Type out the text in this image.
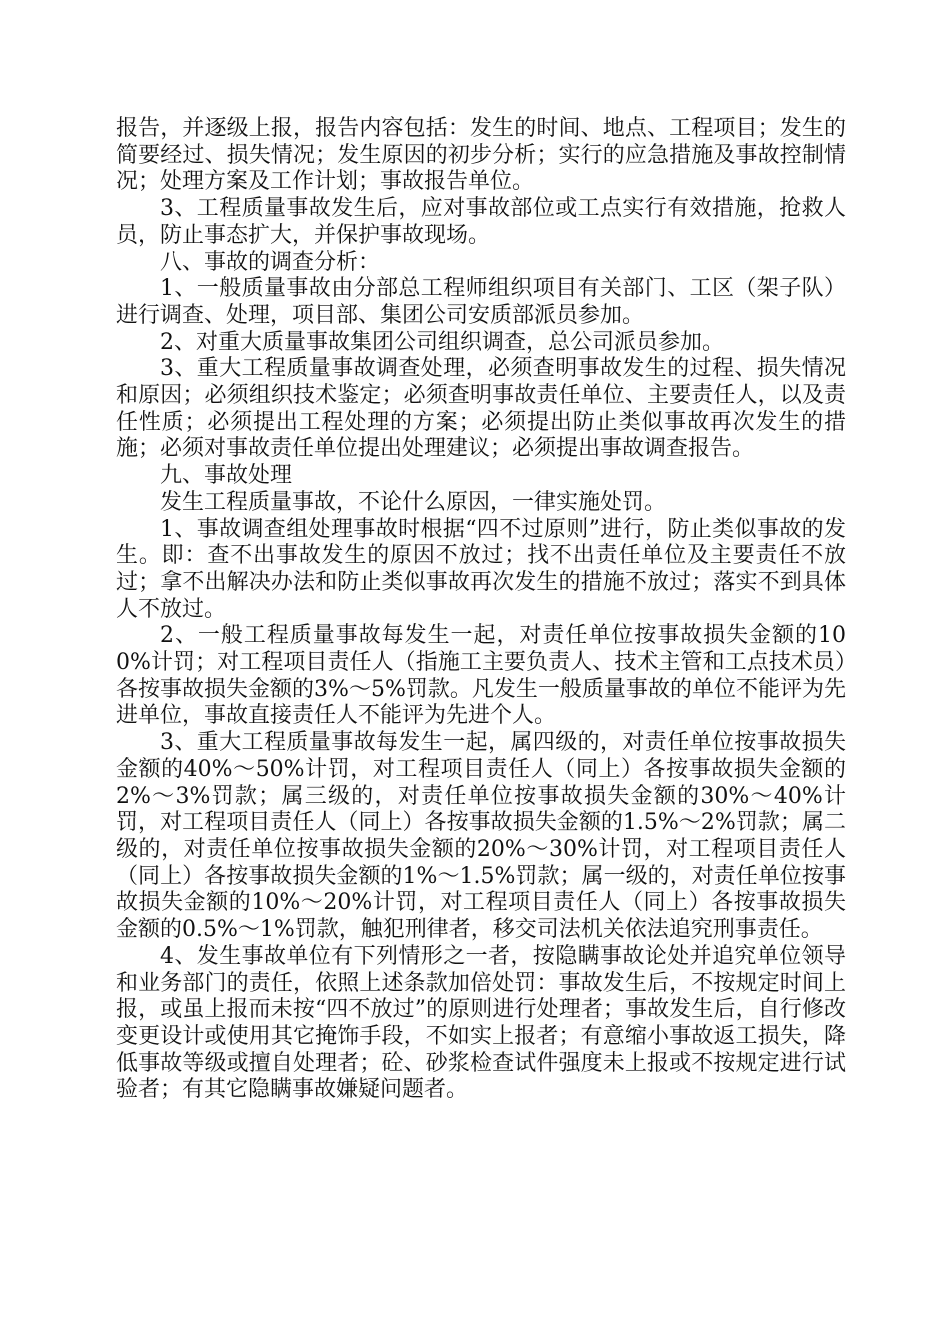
报告，并逐级上报，报告内容包括：发生的时间、地点、工程项目；发生的简要经过、损失情况；发生原因的初步分析；实行的应急措施及事故控制情况；处理方案及工作计划；事故报告单位。

3、工程质量事故发生后，应对事故部位或工点实行有效措施，抢救人员，防止事态扩大，并保护事故现场。

八、事故的调查分析：

1、一般质量事故由分部总工程师组织项目有关部门、工区（架子队）进行调查、处理，项目部、集团公司安质部派员参加。

2、对重大质量事故集团公司组织调查，总公司派员参加。

3、重大工程质量事故调查处理，必须查明事故发生的过程、损失情况和原因；必须组织技术鉴定；必须查明事故责任单位、主要责任人，以及责任性质；必须提出工程处理的方案；必须提出防止类似事故再次发生的措施；必须对事故责任单位提出处理建议；必须提出事故调查报告。

九、事故处理

发生工程质量事故，不论什么原因，一律实施处罚。

1、事故调查组处理事故时根据“四不过原则”进行，防止类似事故的发生。即：查不出事故发生的原因不放过；找不出责任单位及主要责任不放过；拿不出解决办法和防止类似事故再次发生的措施不放过；落实不到具体人不放过。

2、一般工程质量事故每发生一起，对责任单位按事故损失金额的100%计罚；对工程项目责任人（指施工主要负责人、技术主管和工点技术员）各按事故损失金额的3%～5%罚款。凡发生一般质量事故的单位不能评为先进单位，事故直接责任人不能评为先进个人。

3、重大工程质量事故每发生一起，属四级的，对责任单位按事故损失金额的40%～50%计罚，对工程项目责任人（同上）各按事故损失金额的2%～3%罚款；属三级的，对责任单位按事故损失金额的30%～40%计罚，对工程项目责任人（同上）各按事故损失金额的1.5%～2%罚款；属二级的，对责任单位按事故损失金额的20%～30%计罚，对工程项目责任人（同上）各按事故损失金额的1%～1.5%罚款；属一级的，对责任单位按事故损失金额的10%～20%计罚，对工程项目责任人（同上）各按事故损失金额的0.5%～1%罚款，触犯刑律者，移交司法机关依法追究刑事责任。

4、发生事故单位有下列情形之一者，按隐瞒事故论处并追究单位领导和业务部门的责任，依照上述条款加倍处罚：事故发生后，不按规定时间上报，或虽上报而未按“四不放过”的原则进行处理者；事故发生后，自行修改变更设计或使用其它掩饰手段，不如实上报者；有意缩小事故返工损失，降低事故等级或擅自处理者；砼、砂浆检查试件强度未上报或不按规定进行试验者；有其它隐瞒事故嫌疑问题者。
